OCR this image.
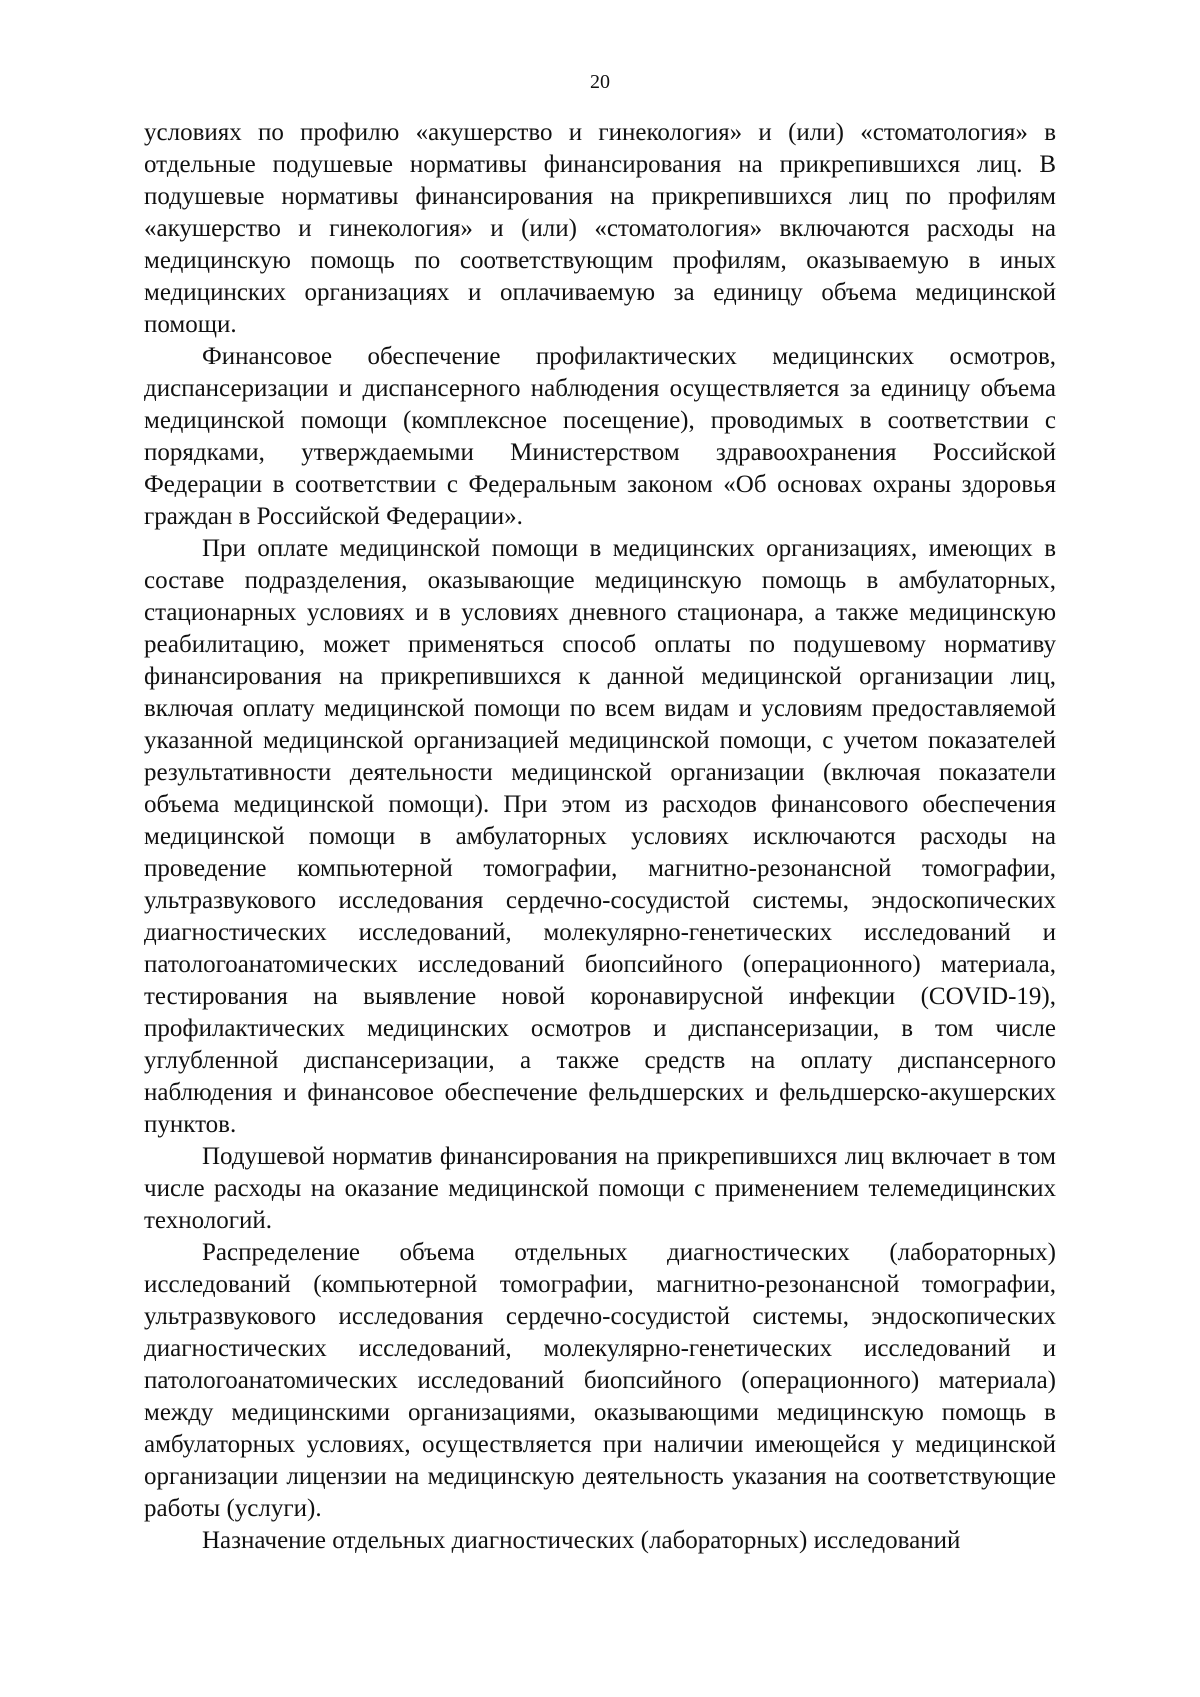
20

условиях по профилю «акушерство и гинекология» и (или) «стоматология» в отдельные подушевые нормативы финансирования на прикрепившихся лиц. В подушевые нормативы финансирования на прикрепившихся лиц по профилям «акушерство и гинекология» и (или) «стоматология» включаются расходы на медицинскую помощь по соответствующим профилям, оказываемую в иных медицинских организациях и оплачиваемую за единицу объема медицинской помощи.

Финансовое обеспечение профилактических медицинских осмотров, диспансеризации и диспансерного наблюдения осуществляется за единицу объема медицинской помощи (комплексное посещение), проводимых в соответствии с порядками, утверждаемыми Министерством здравоохранения Российской Федерации в соответствии с Федеральным законом «Об основах охраны здоровья граждан в Российской Федерации».

При оплате медицинской помощи в медицинских организациях, имеющих в составе подразделения, оказывающие медицинскую помощь в амбулаторных, стационарных условиях и в условиях дневного стационара, а также медицинскую реабилитацию, может применяться способ оплаты по подушевому нормативу финансирования на прикрепившихся к данной медицинской организации лиц, включая оплату медицинской помощи по всем видам и условиям предоставляемой указанной медицинской организацией медицинской помощи, с учетом показателей результативности деятельности медицинской организации (включая показатели объема медицинской помощи). При этом из расходов финансового обеспечения медицинской помощи в амбулаторных условиях исключаются расходы на проведение компьютерной томографии, магнитно-резонансной томографии, ультразвукового исследования сердечно-сосудистой системы, эндоскопических диагностических исследований, молекулярно-генетических исследований и патологоанатомических исследований биопсийного (операционного) материала, тестирования на выявление новой коронавирусной инфекции (COVID-19), профилактических медицинских осмотров и диспансеризации, в том числе углубленной диспансеризации, а также средств на оплату диспансерного наблюдения и финансовое обеспечение фельдшерских и фельдшерско-акушерских пунктов.

Подушевой норматив финансирования на прикрепившихся лиц включает в том числе расходы на оказание медицинской помощи с применением телемедицинских технологий.

Распределение объема отдельных диагностических (лабораторных) исследований (компьютерной томографии, магнитно-резонансной томографии, ультразвукового исследования сердечно-сосудистой системы, эндоскопических диагностических исследований, молекулярно-генетических исследований и патологоанатомических исследований биопсийного (операционного) материала) между медицинскими организациями, оказывающими медицинскую помощь в амбулаторных условиях, осуществляется при наличии имеющейся у медицинской организации лицензии на медицинскую деятельность указания на соответствующие работы (услуги).

Назначение отдельных диагностических (лабораторных) исследований
